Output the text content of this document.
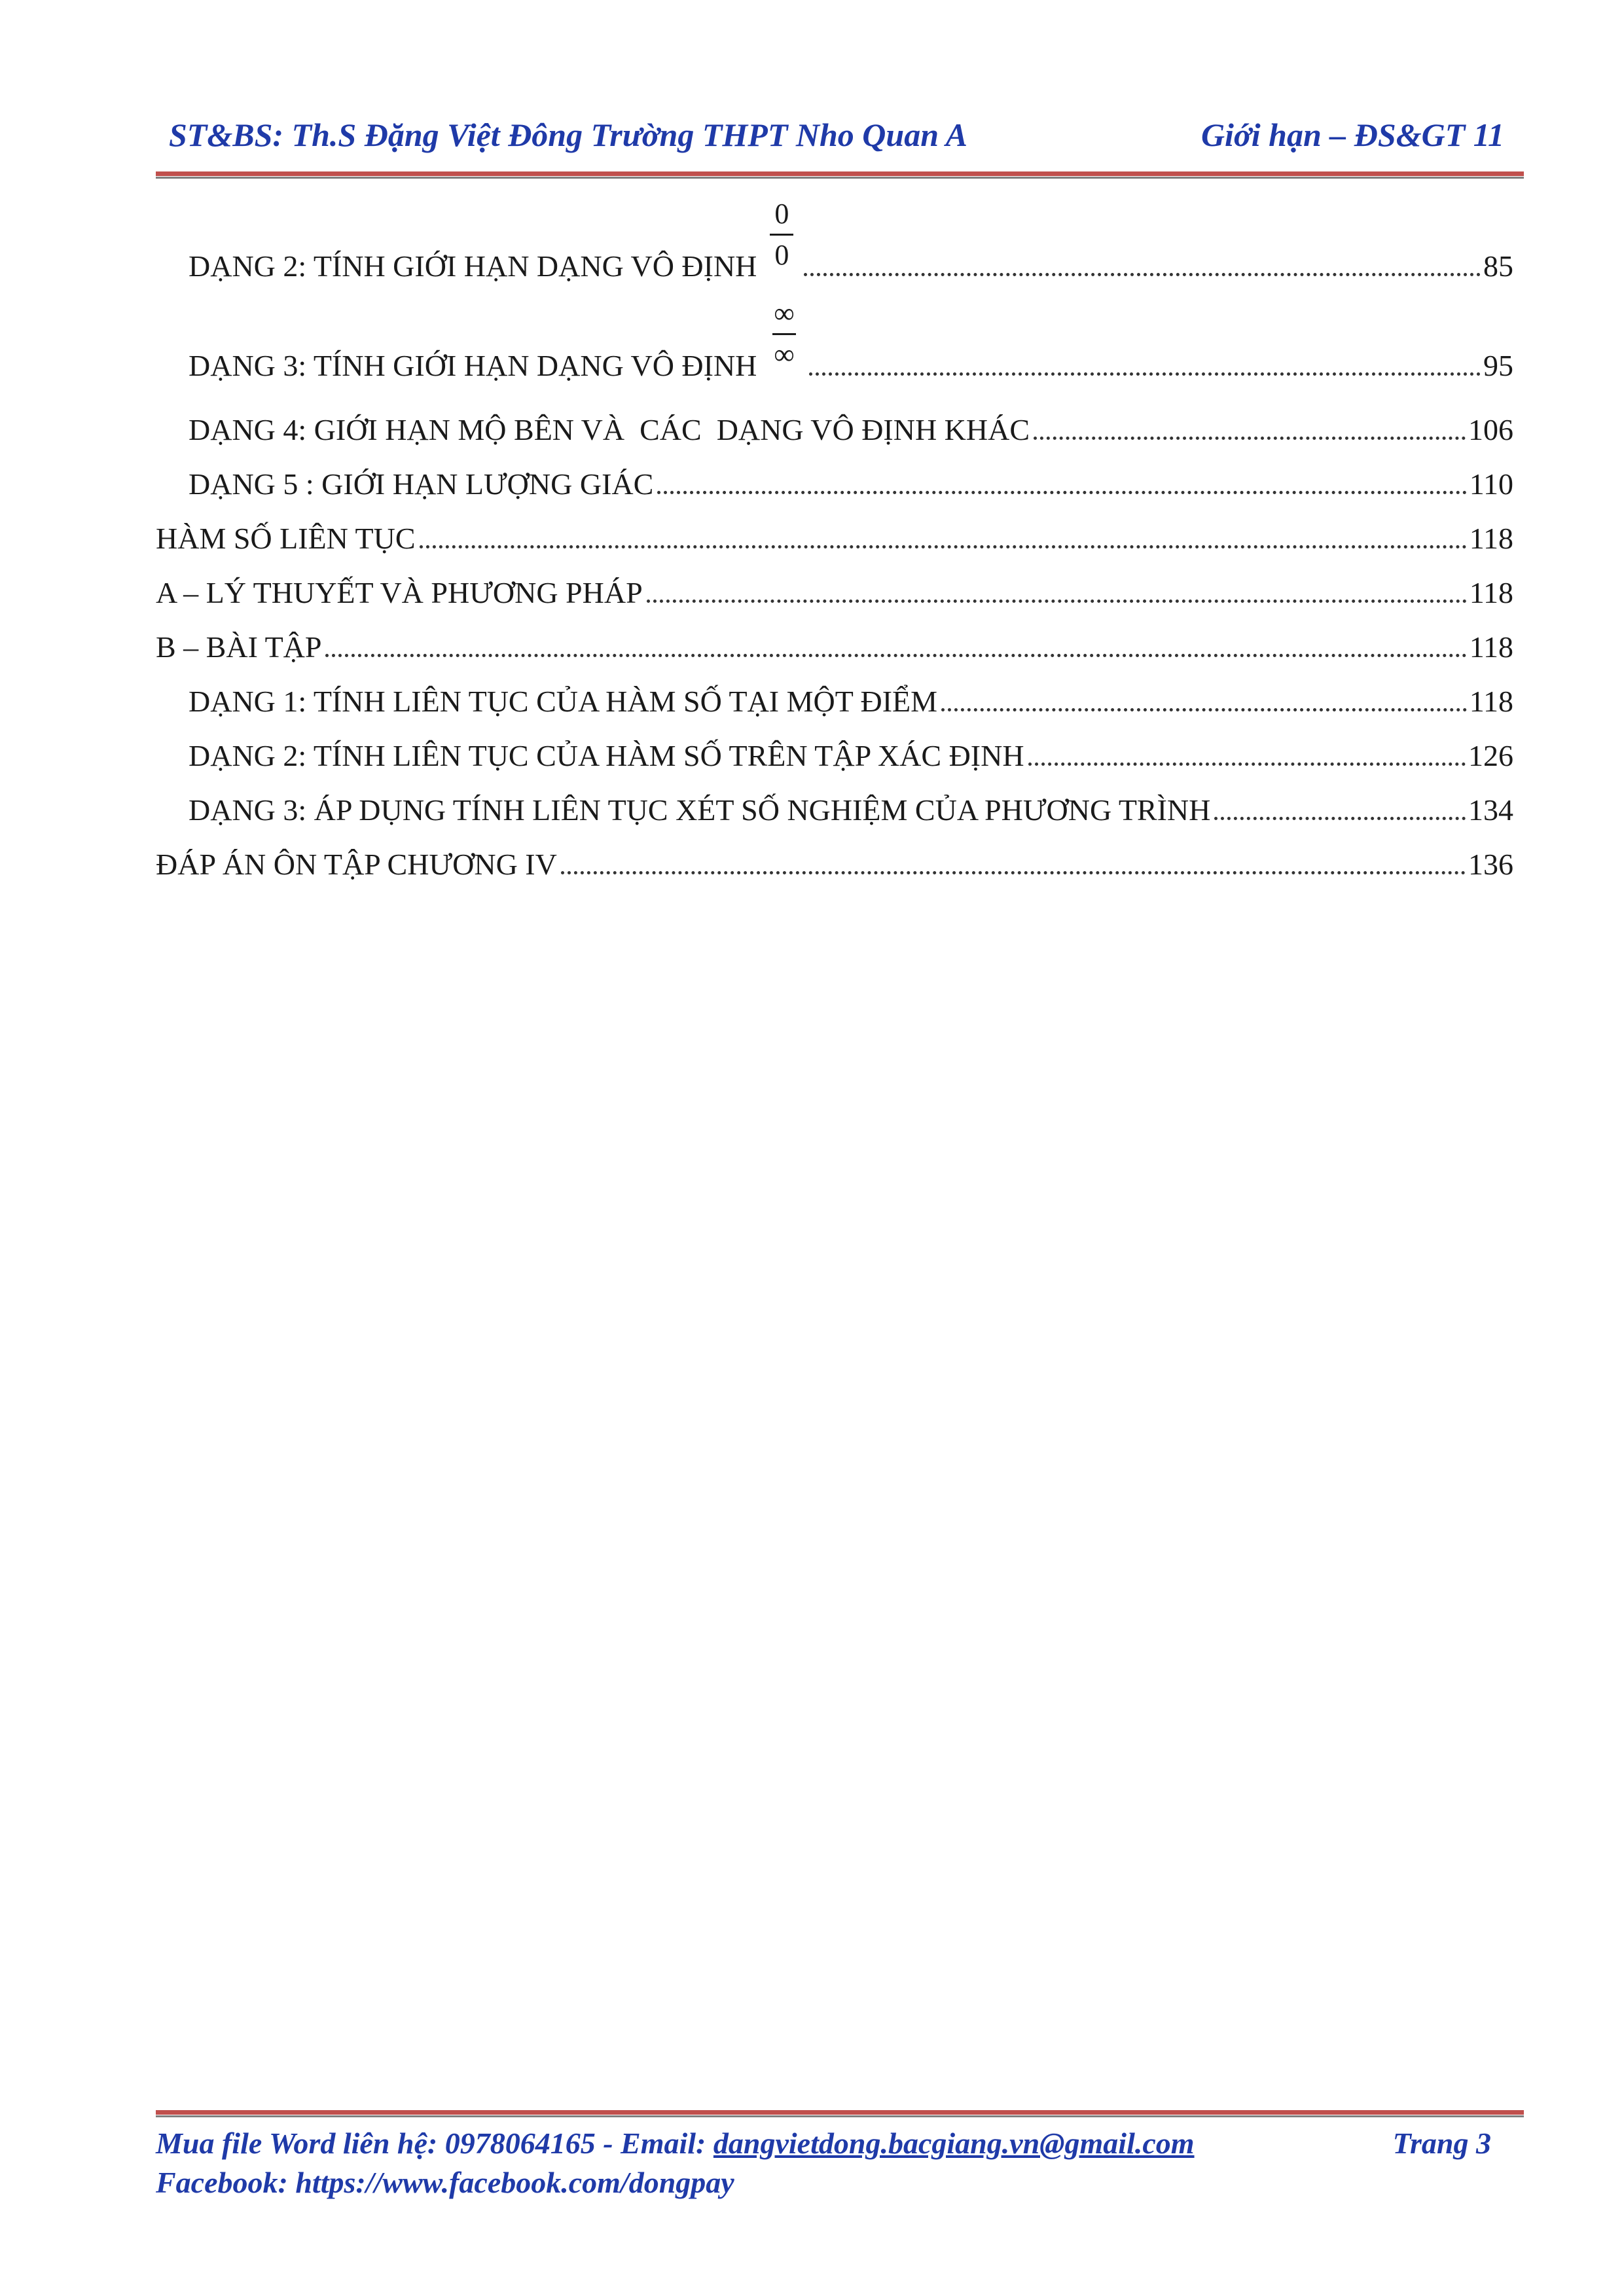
ST&BS: Th.S Đặng Việt Đông Trường THPT Nho Quan A	Giới hạn – ĐS&GT 11
DẠNG 2: TÍNH GIỚI HẠN DẠNG VÔ ĐỊNH $\frac{0}{0}$	85
DẠNG 3: TÍNH GIỚI HẠN DẠNG VÔ ĐỊNH $\frac{\infty}{\infty}$	95
DẠNG 4: GIỚI HẠN MỘ BÊN VÀ  CÁC  DẠNG VÔ ĐỊNH KHÁC	106
DẠNG 5 : GIỚI HẠN LƯỢNG GIÁC	110
HÀM SỐ LIÊN TỤC	118
A – LÝ THUYẾT VÀ PHƯƠNG PHÁP	118
B – BÀI TẬP	118
DẠNG 1: TÍNH LIÊN TỤC CỦA HÀM SỐ TẠI MỘT ĐIỂM	118
DẠNG 2: TÍNH LIÊN TỤC CỦA HÀM SỐ TRÊN TẬP XÁC ĐỊNH	126
DẠNG 3: ÁP DỤNG TÍNH LIÊN TỤC XÉT SỐ NGHIỆM CỦA PHƯƠNG TRÌNH	134
ĐÁP ÁN ÔN TẬP CHƯƠNG IV	136
Mua file Word liên hệ: 0978064165 - Email: dangvietdong.bacgiang.vn@gmail.com	Trang 3
Facebook: https://www.facebook.com/dongpay
